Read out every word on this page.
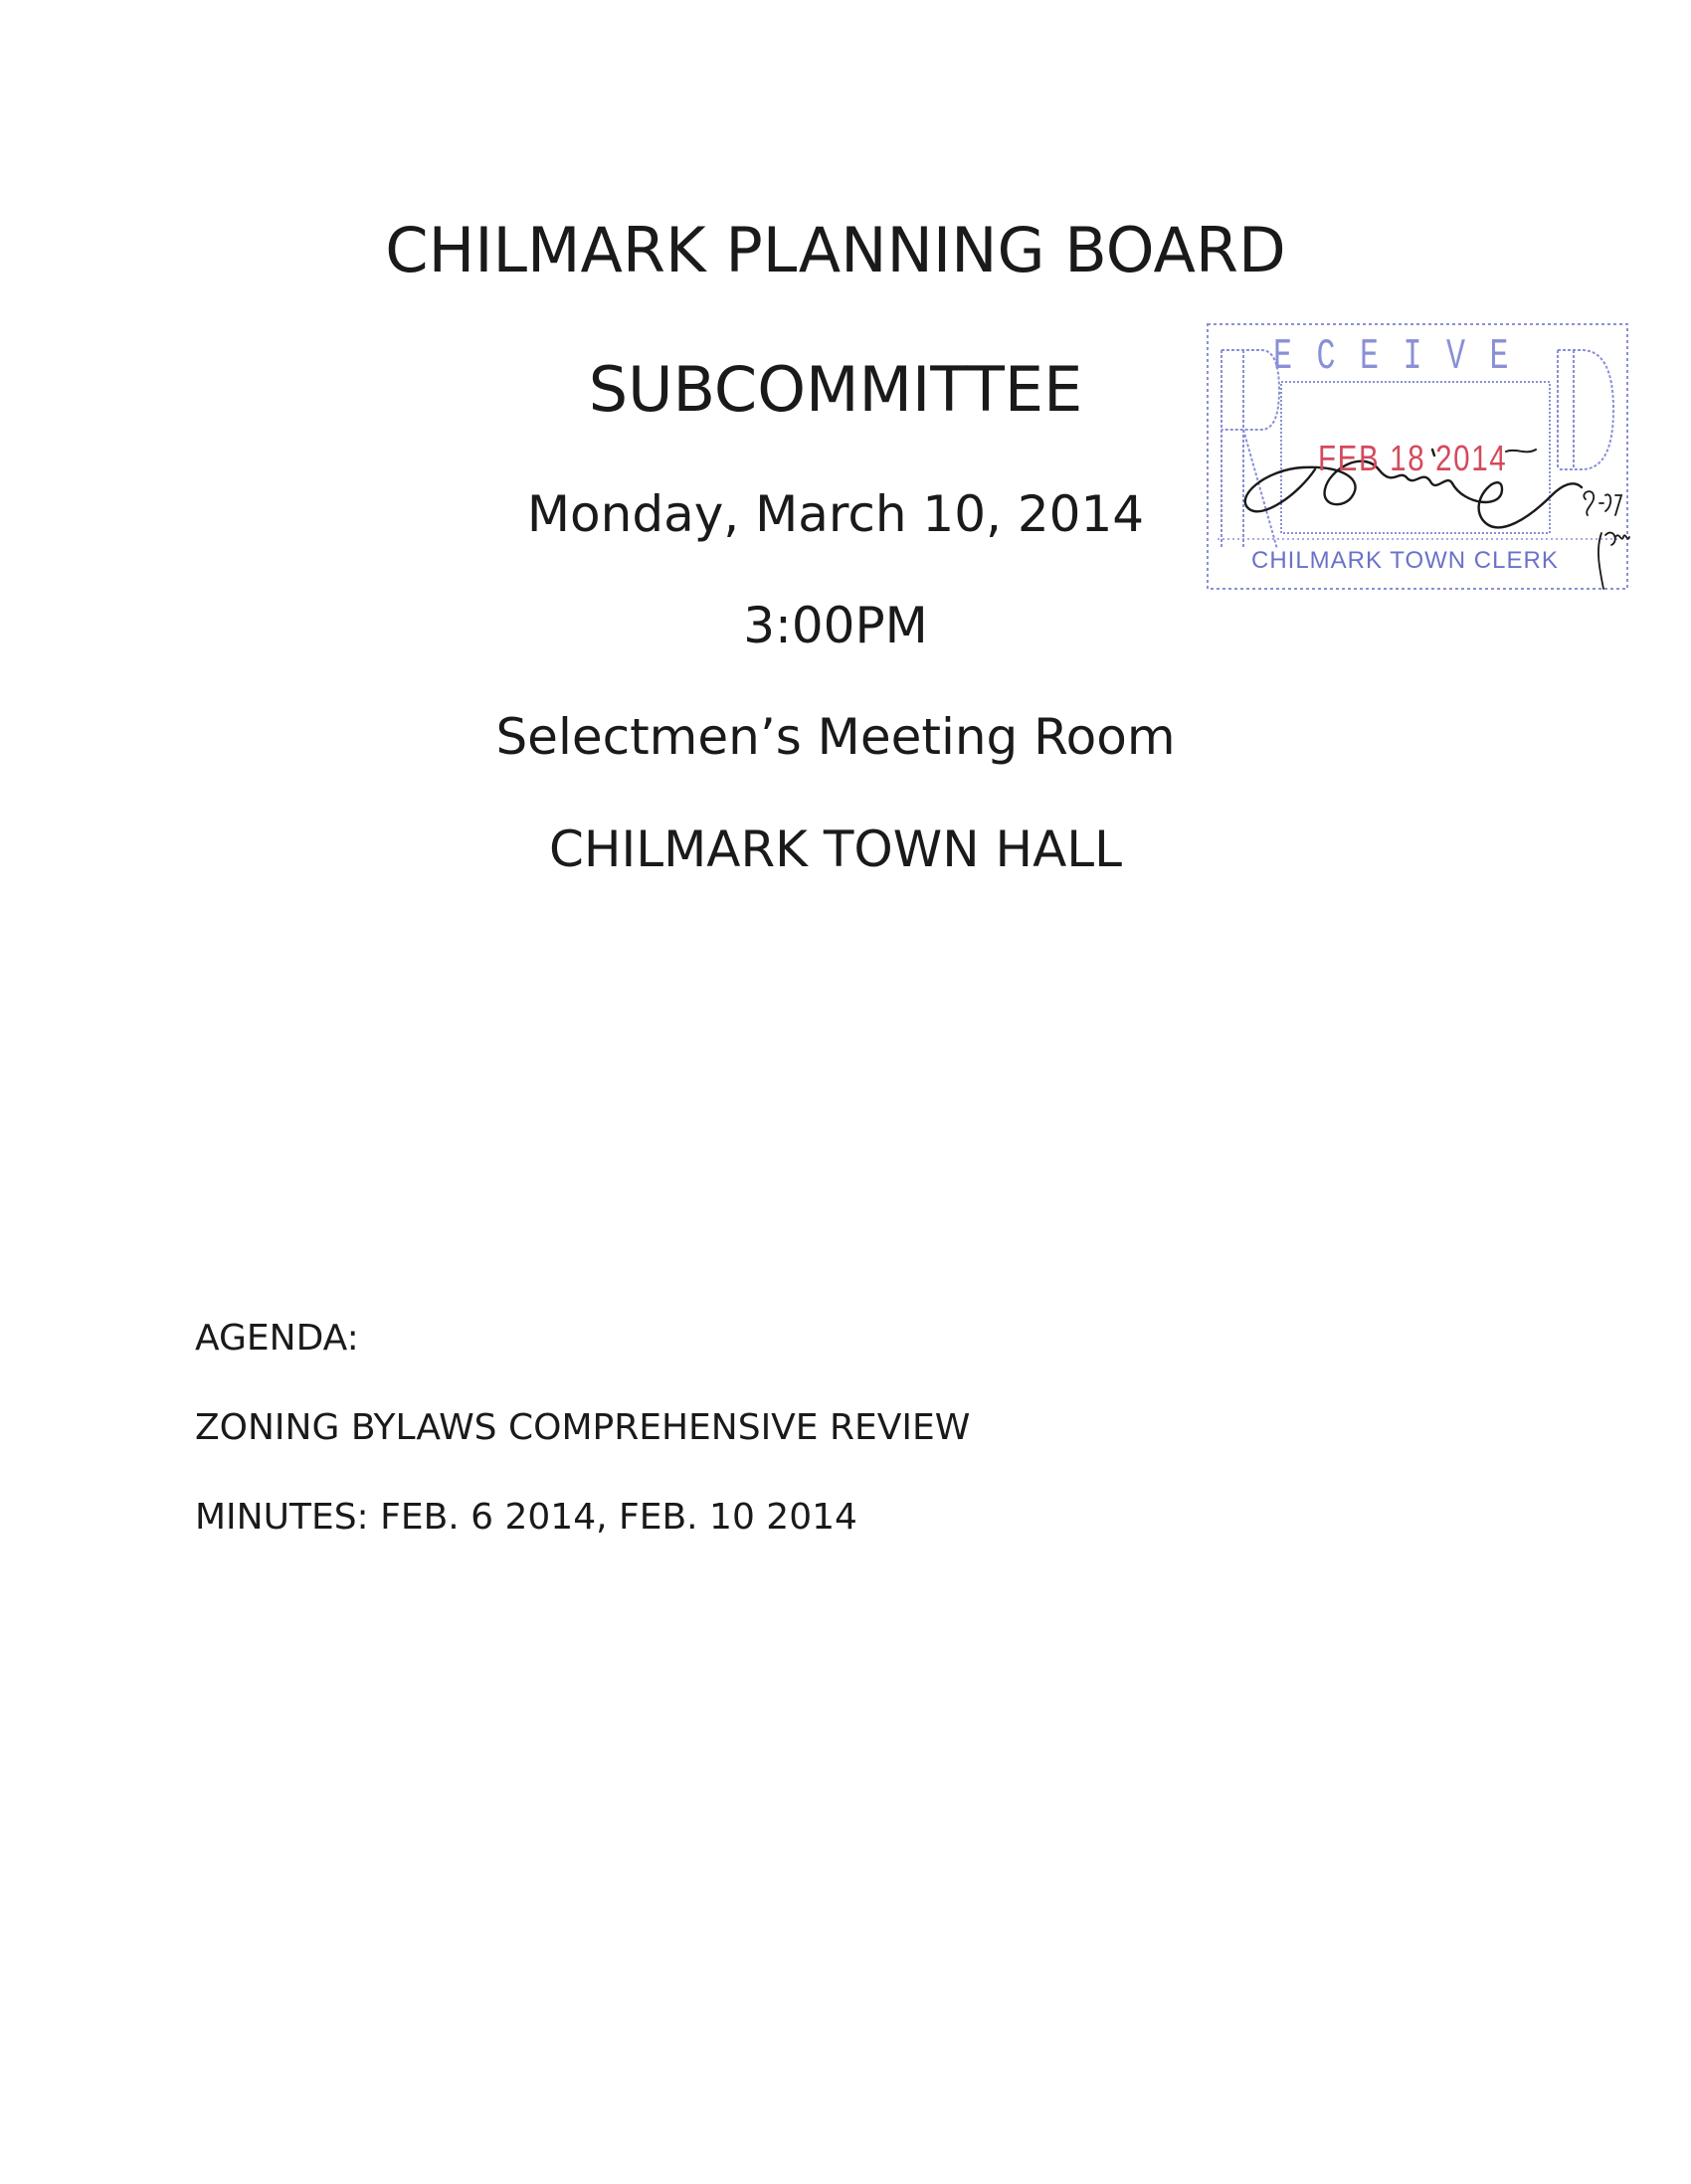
CHILMARK PLANNING BOARD
SUBCOMMITTEE
Monday, March 10, 2014
3:00PM
Selectmen’s Meeting Room
CHILMARK TOWN HALL
AGENDA:
ZONING BYLAWS COMPREHENSIVE REVIEW
MINUTES: FEB. 6 2014, FEB. 10 2014
ECEIVE
FEB 18 2014
CHILMARK TOWN CLERK
